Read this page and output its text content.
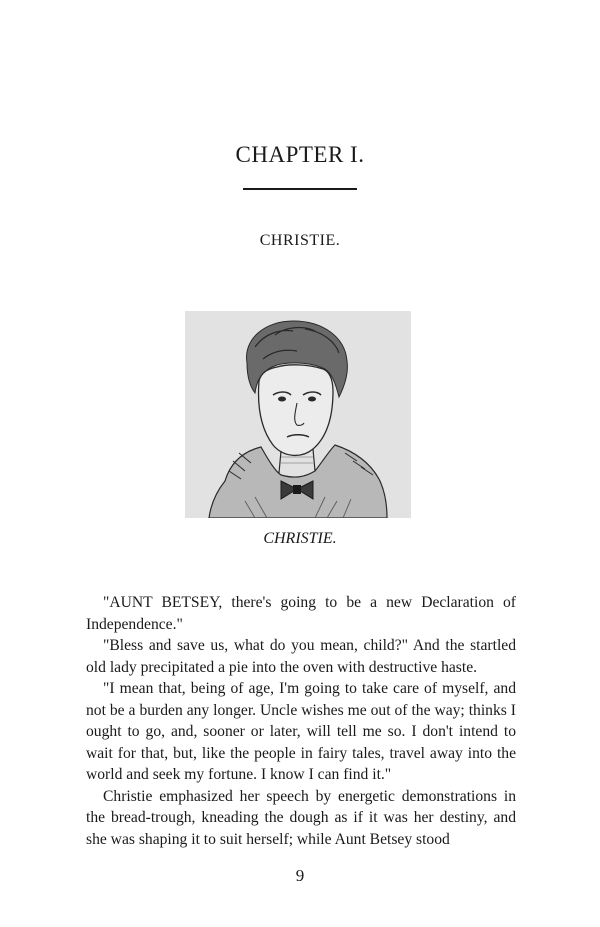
CHAPTER I.
CHRISTIE.
CHRISTIE.

"AUNT BETSEY, there's going to be a new Declaration of Independence."

"Bless and save us, what do you mean, child?" And the startled old lady precipitated a pie into the oven with destructive haste.

"I mean that, being of age, I'm going to take care of myself, and not be a burden any longer. Uncle wishes me out of the way; thinks I ought to go, and, sooner or later, will tell me so. I don't intend to wait for that, but, like the people in fairy tales, travel away into the world and seek my fortune. I know I can find it."

Christie emphasized her speech by energetic demonstrations in the bread-trough, kneading the dough as if it was her destiny, and she was shaping it to suit herself; while Aunt Betsey stood

9
